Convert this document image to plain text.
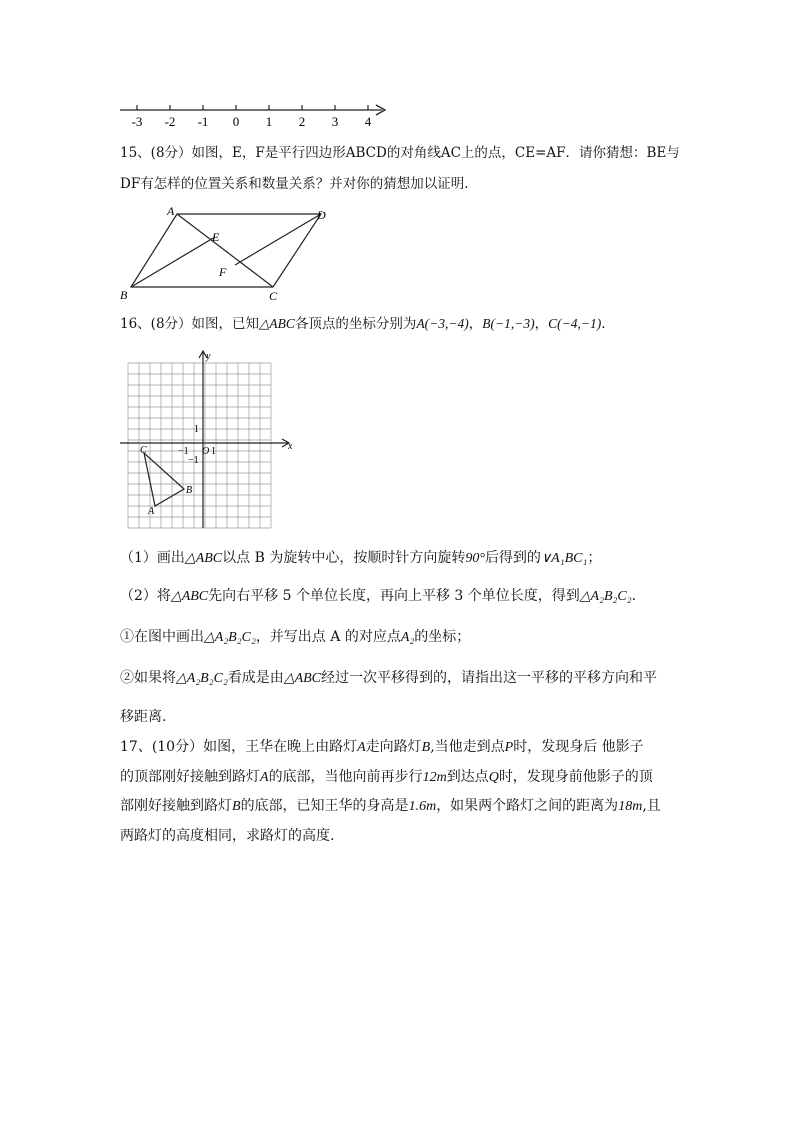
-3 -2 -1 0 1 2 3 4
15、(8分）如图，E，F是平行四边形ABCD的对角线AC上的点，CE=AF．请你猜想：BE与
DF有怎样的位置关系和数量关系？并对你的猜想加以证明.
A	D
E
F
B	C
16、(8分）如图，已知△ABC各顶点的坐标分别为A(−3,−4)，B(−1,−3)，C(−4,−1).
x
y
C
B
A
O
1
−1 1
−1
（1）画出△ABC以点 B 为旋转中心，按顺时针方向旋转90°后得到的∨A₁BC₁；
（2）将△ABC先向右平移 5 个单位长度，再向上平移 3 个单位长度，得到△A₂B₂C₂．
①在图中画出△A₂B₂C₂，并写出点 A 的对应点A₂的坐标；
②如果将△A₂B₂C₂看成是由△ABC经过一次平移得到的，请指出这一平移的平移方向和平
移距离.
17、(10分）如图，王华在晚上由路灯A走向路灯B,当他走到点P时，发现身后 他影子
的顶部刚好接触到路灯A的底部，当他向前再步行12m到达点Q时，发现身前他影子的顶
部刚好接触到路灯B的底部，已知王华的身高是1.6m，如果两个路灯之间的距离为18m,且
两路灯的高度相同，求路灯的高度.
